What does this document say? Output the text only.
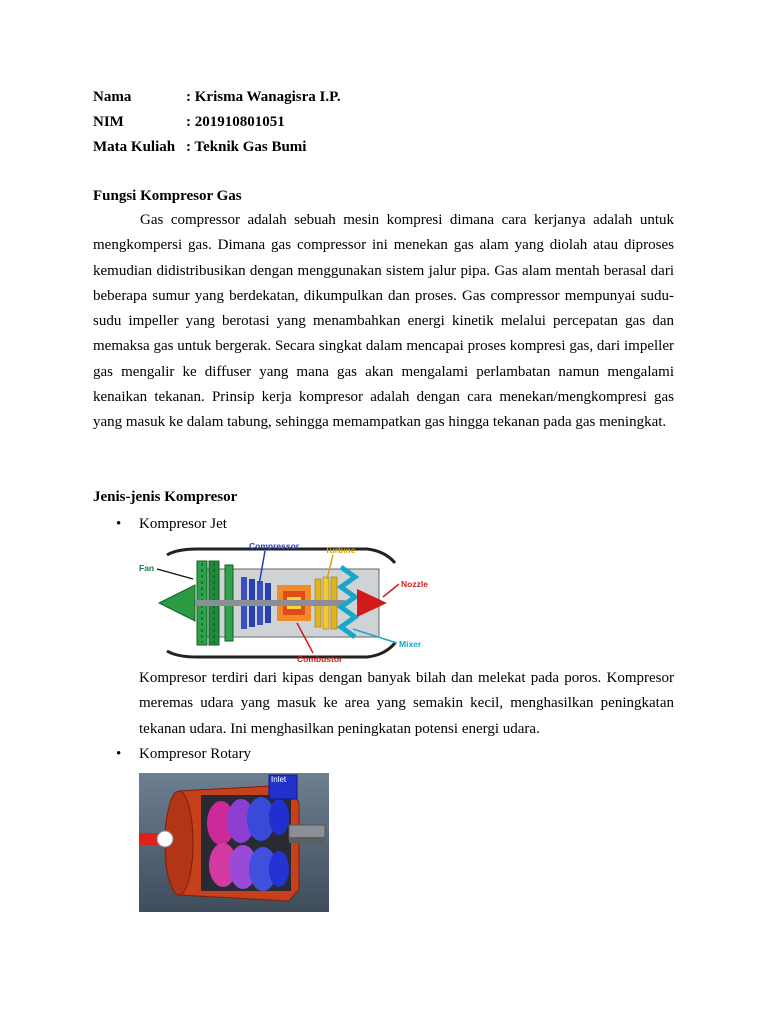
Nama	: Krisma Wanagisra I.P.
NIM	: 201910801051
Mata Kuliah : Teknik Gas Bumi
Fungsi Kompresor Gas
Gas compressor adalah sebuah mesin kompresi dimana cara kerjanya adalah untuk mengkompersi gas. Dimana gas compressor ini menekan gas alam yang diolah atau diproses kemudian didistribusikan dengan menggunakan sistem jalur pipa. Gas alam mentah berasal dari beberapa sumur yang berdekatan, dikumpulkan dan proses. Gas compressor mempunyai sudu-sudu impeller yang berotasi yang menambahkan energi kinetik melalui percepatan gas dan memaksa gas untuk bergerak. Secara singkat dalam mencapai proses kompresi gas, dari impeller gas mengalir ke diffuser yang mana gas akan mengalami perlambatan namun mengalami kenaikan tekanan. Prinsip kerja kompresor adalah dengan cara menekan/mengkompresi gas yang masuk ke dalam tabung, sehingga memampatkan gas hingga tekanan pada gas meningkat.
Jenis-jenis Kompresor
• Kompresor Jet
Fan
Compressor	Turbine
Nozzle
Mixer
Combustor
Kompresor terdiri dari kipas dengan banyak bilah dan melekat pada poros. Kompresor meremas udara yang masuk ke area yang semakin kecil, menghasilkan peningkatan tekanan udara. Ini menghasilkan peningkatan potensi energi udara.
• Kompresor Rotary
Inlet
